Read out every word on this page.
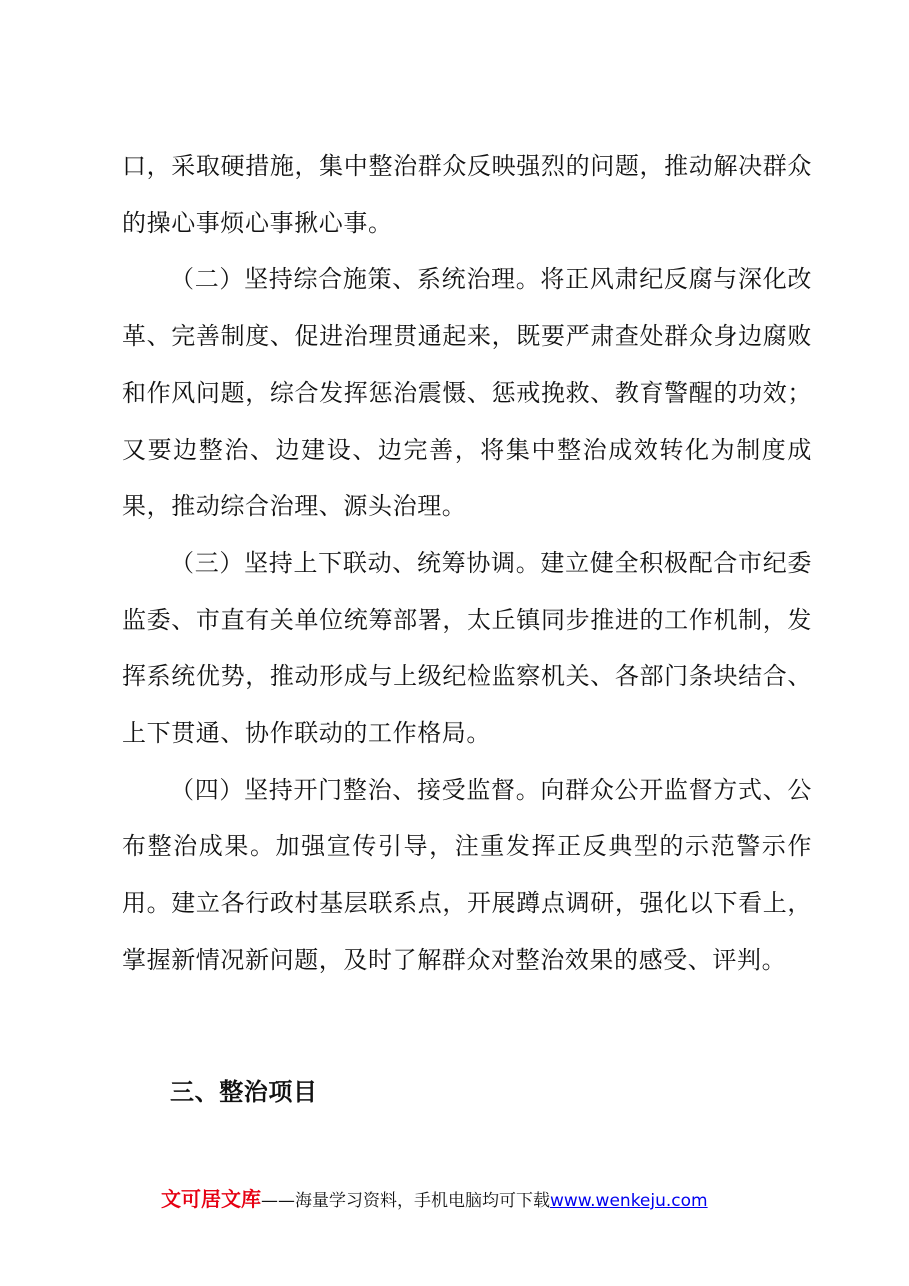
口，采取硬措施，集中整治群众反映强烈的问题，推动解决群众的操心事烦心事揪心事。

（二）坚持综合施策、系统治理。将正风肃纪反腐与深化改革、完善制度、促进治理贯通起来，既要严肃查处群众身边腐败和作风问题，综合发挥惩治震慑、惩戒挽救、教育警醒的功效；又要边整治、边建设、边完善，将集中整治成效转化为制度成果，推动综合治理、源头治理。

（三）坚持上下联动、统筹协调。建立健全积极配合市纪委监委、市直有关单位统筹部署，太丘镇同步推进的工作机制，发挥系统优势，推动形成与上级纪检监察机关、各部门条块结合、上下贯通、协作联动的工作格局。

（四）坚持开门整治、接受监督。向群众公开监督方式、公布整治成果。加强宣传引导，注重发挥正反典型的示范警示作用。建立各行政村基层联系点，开展蹲点调研，强化以下看上，掌握新情况新问题，及时了解群众对整治效果的感受、评判。

三、整治项目
文可居文库——海量学习资料，手机电脑均可下载www.wenkeju.com
